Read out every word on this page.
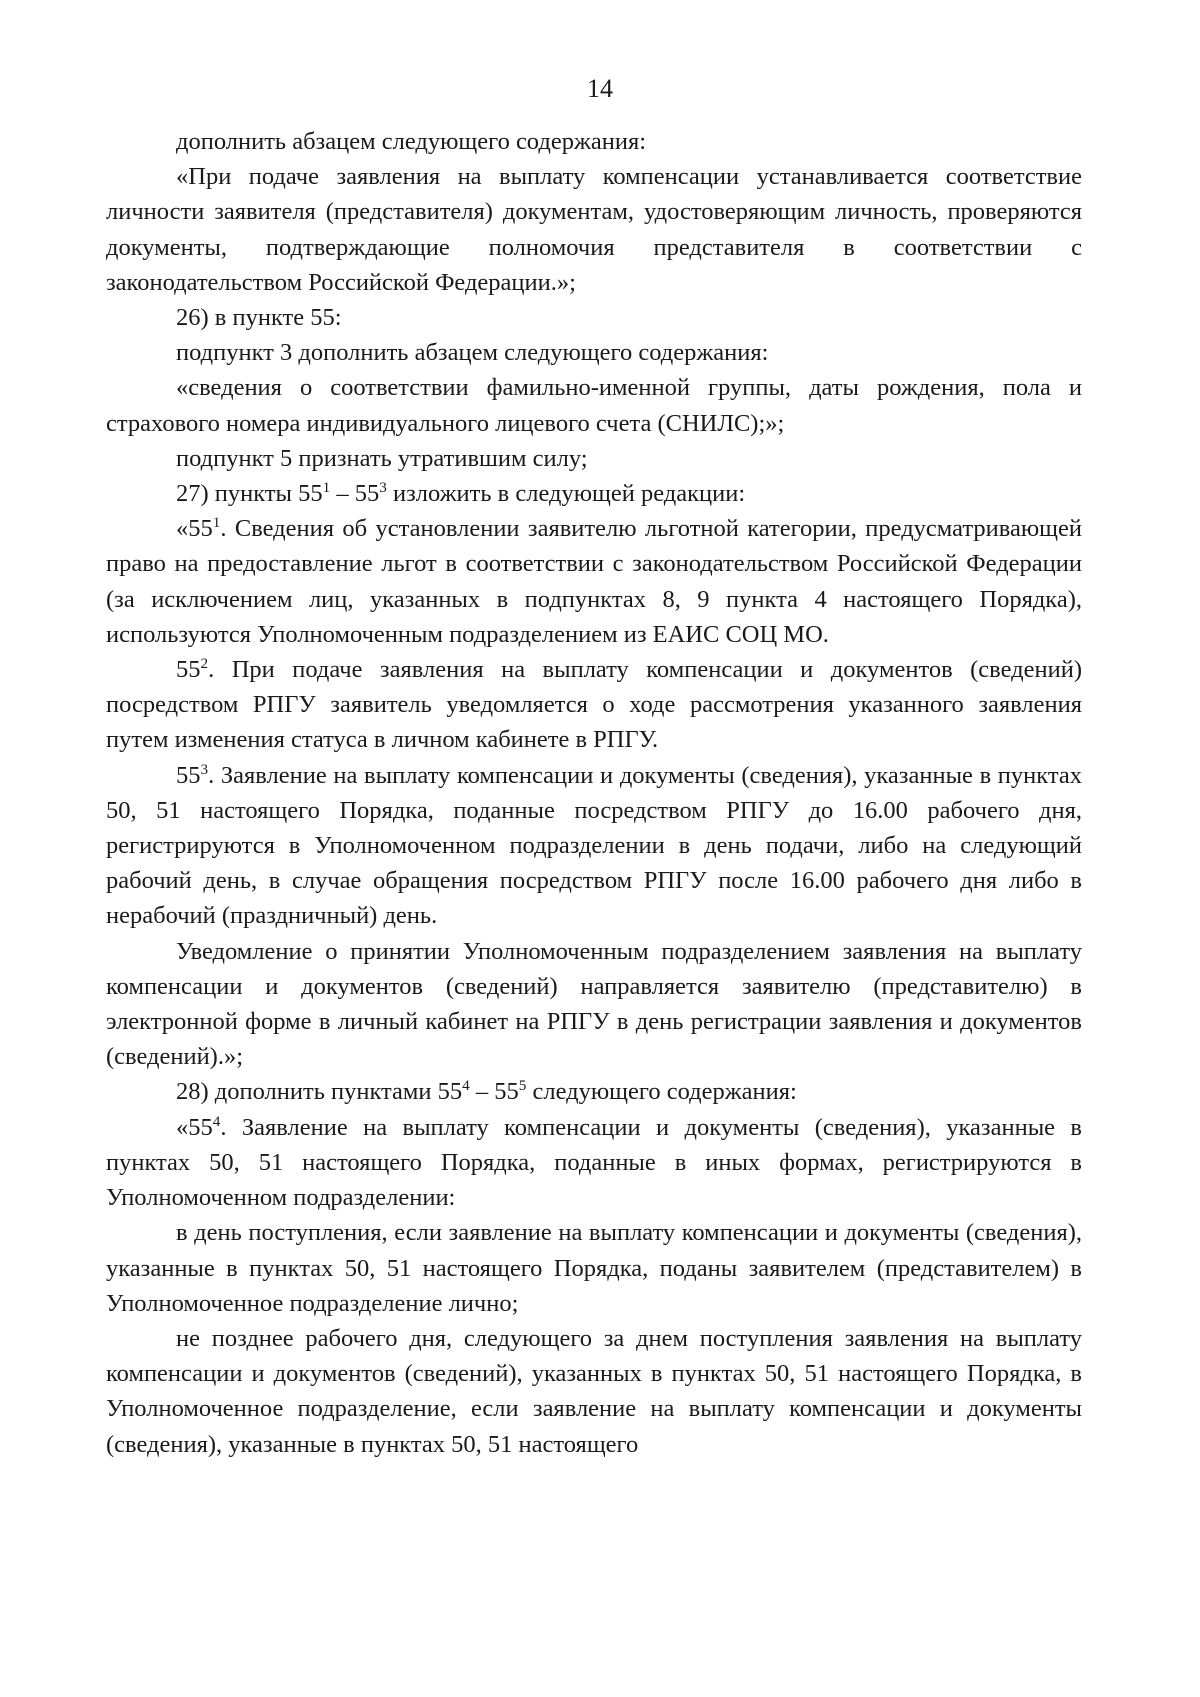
14

дополнить абзацем следующего содержания:

«При подаче заявления на выплату компенсации устанавливается соответствие личности заявителя (представителя) документам, удостоверяющим личность, проверяются документы, подтверждающие полномочия представителя в соответствии с законодательством Российской Федерации.»;

26) в пункте 55:

подпункт 3 дополнить абзацем следующего содержания:

«сведения о соответствии фамильно-именной группы, даты рождения, пола и страхового номера индивидуального лицевого счета (СНИЛС);»;

подпункт 5 признать утратившим силу;

27) пункты $55^1 - 55^3$ изложить в следующей редакции:

«$55^1$. Сведения об установлении заявителю льготной категории, предусматривающей право на предоставление льгот в соответствии с законодательством Российской Федерации (за исключением лиц, указанных в подпунктах 8, 9 пункта 4 настоящего Порядка), используются Уполномоченным подразделением из ЕАИС СОЦ МО.

$55^2$. При подаче заявления на выплату компенсации и документов (сведений) посредством РПГУ заявитель уведомляется о ходе рассмотрения указанного заявления путем изменения статуса в личном кабинете в РПГУ.

$55^3$. Заявление на выплату компенсации и документы (сведения), указанные в пунктах 50, 51 настоящего Порядка, поданные посредством РПГУ до 16.00 рабочего дня, регистрируются в Уполномоченном подразделении в день подачи, либо на следующий рабочий день, в случае обращения посредством РПГУ после 16.00 рабочего дня либо в нерабочий (праздничный) день.

Уведомление о принятии Уполномоченным подразделением заявления на выплату компенсации и документов (сведений) направляется заявителю (представителю) в электронной форме в личный кабинет на РПГУ в день регистрации заявления и документов (сведений).»;

28) дополнить пунктами $55^4 - 55^5$ следующего содержания:

«$55^4$. Заявление на выплату компенсации и документы (сведения), указанные в пунктах 50, 51 настоящего Порядка, поданные в иных формах, регистрируются в Уполномоченном подразделении:

в день поступления, если заявление на выплату компенсации и документы (сведения), указанные в пунктах 50, 51 настоящего Порядка, поданы заявителем (представителем) в Уполномоченное подразделение лично;

не позднее рабочего дня, следующего за днем поступления заявления на выплату компенсации и документов (сведений), указанных в пунктах 50, 51 настоящего Порядка, в Уполномоченное подразделение, если заявление на выплату компенсации и документы (сведения), указанные в пунктах 50, 51 настоящего
